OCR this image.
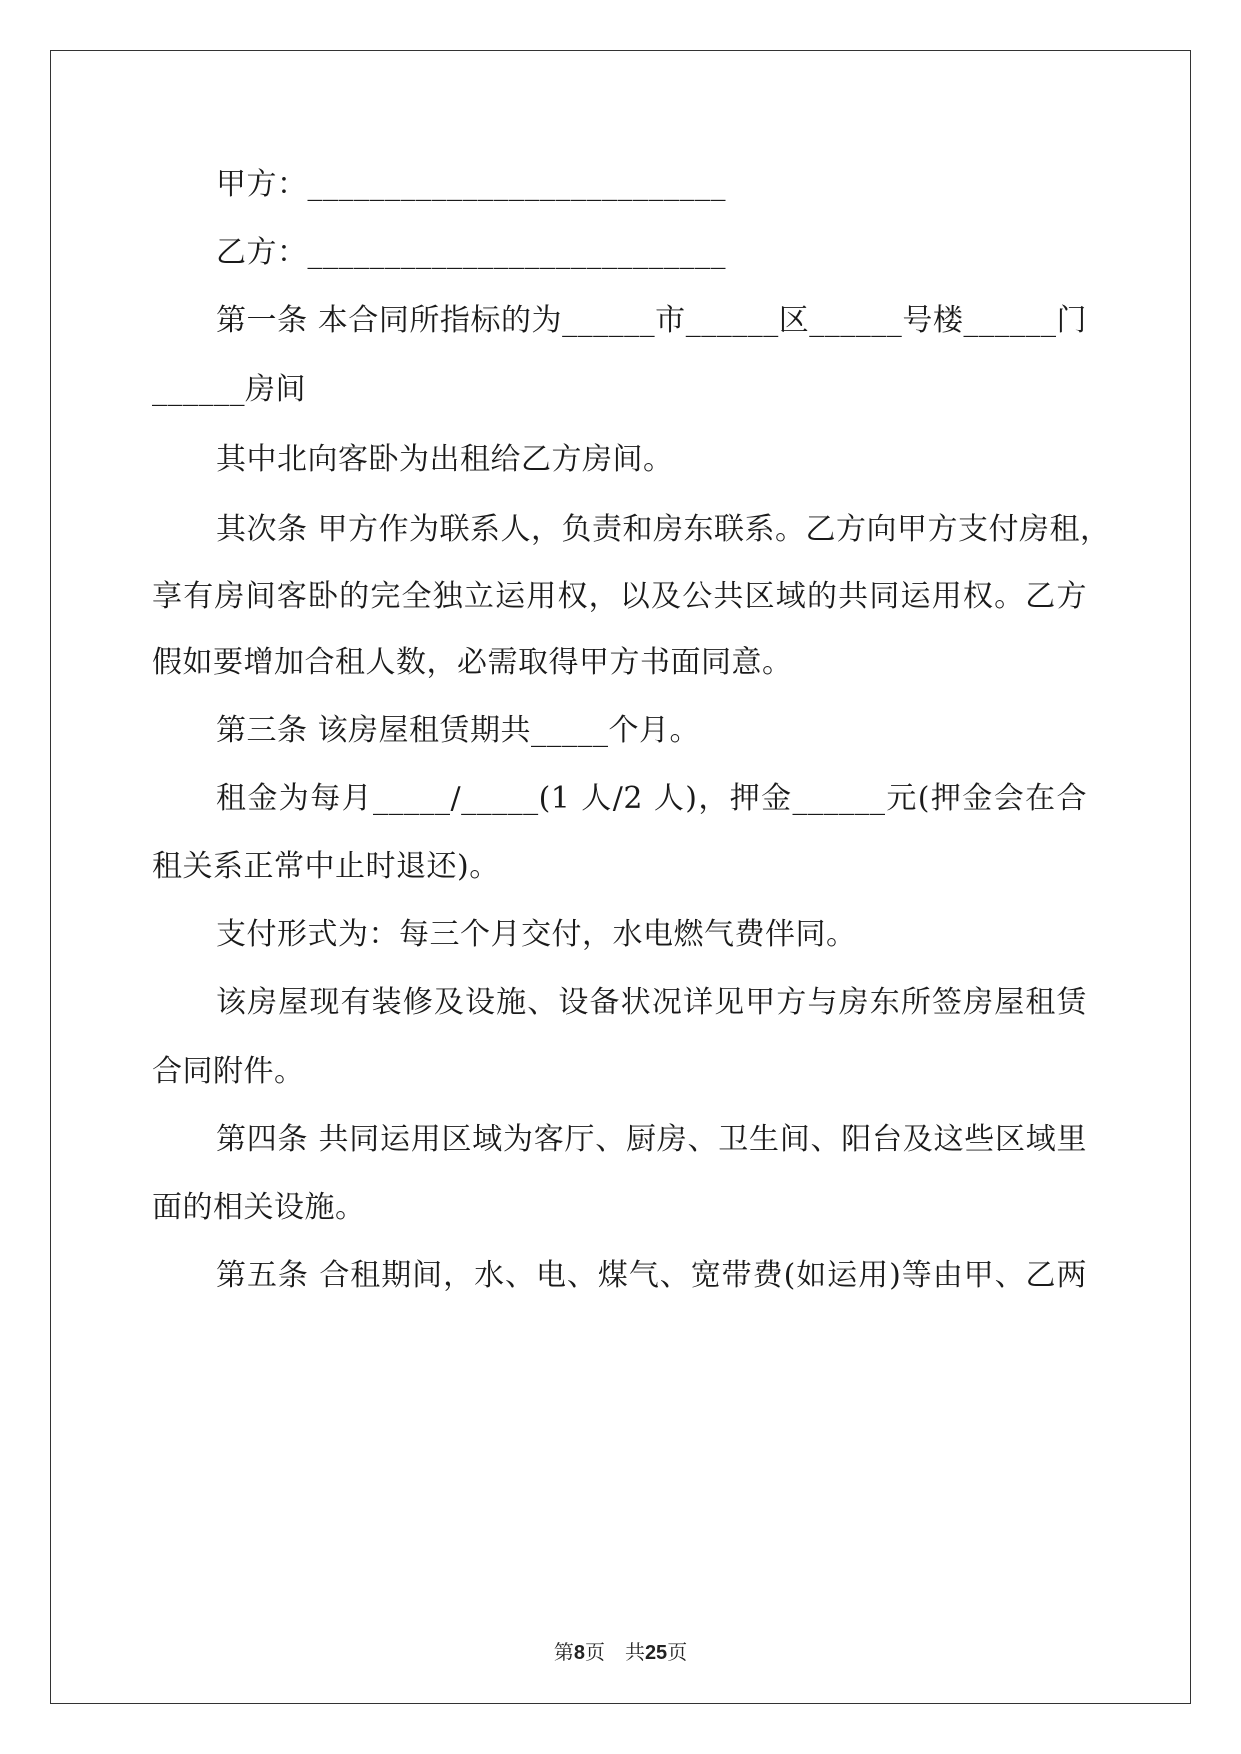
甲方：___________________________
乙方：___________________________
第一条 本合同所指标的为______市______区______号楼______门
______房间
其中北向客卧为出租给乙方房间。
其次条 甲方作为联系人，负责和房东联系。乙方向甲方支付房租，
享有房间客卧的完全独立运用权，以及公共区域的共同运用权。乙方
假如要增加合租人数，必需取得甲方书面同意。
第三条 该房屋租赁期共_____个月。
租金为每月_____/_____(1 人/2 人)，押金______元(押金会在合
租关系正常中止时退还)。
支付形式为：每三个月交付，水电燃气费伴同。
该房屋现有装修及设施、设备状况详见甲方与房东所签房屋租赁
合同附件。
第四条 共同运用区域为客厅、厨房、卫生间、阳台及这些区域里
面的相关设施。
第五条 合租期间，水、电、煤气、宽带费(如运用)等由甲、乙两
第8页 共25页
